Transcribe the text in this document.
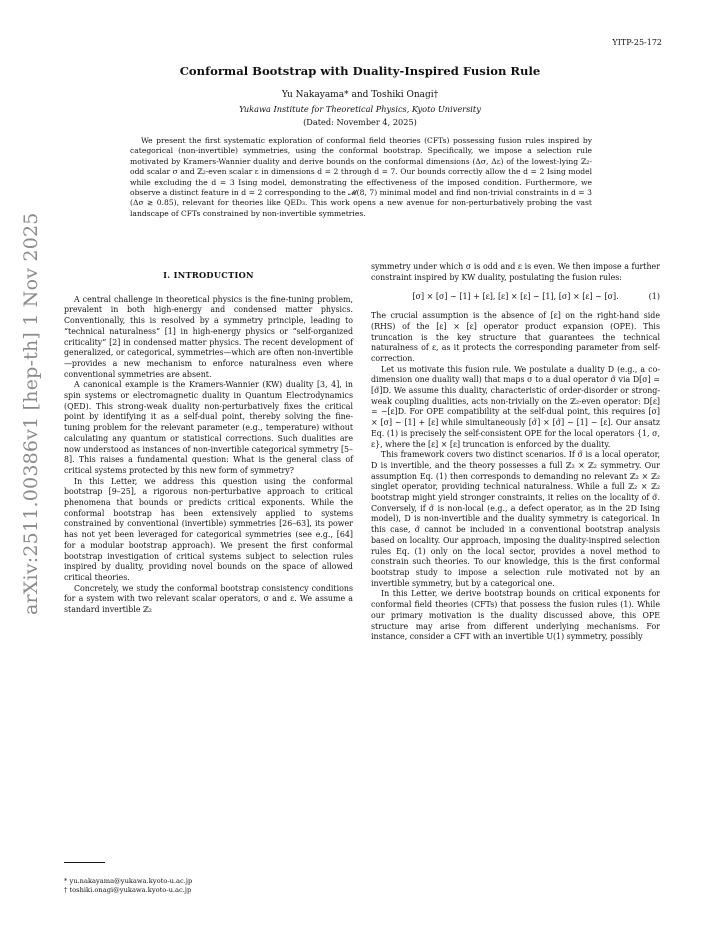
YITP-25-172
arXiv:2511.00386v1 [hep-th] 1 Nov 2025
Conformal Bootstrap with Duality-Inspired Fusion Rule
Yu Nakayama* and Toshiki Onagi†
Yukawa Institute for Theoretical Physics, Kyoto University
(Dated: November 4, 2025)

We present the first systematic exploration of conformal field theories (CFTs) possessing fusion rules inspired by categorical (non-invertible) symmetries, using the conformal bootstrap. Specifically, we impose a selection rule motivated by Kramers-Wannier duality and derive bounds on the conformal dimensions (Δσ, Δε) of the lowest-lying ℤ₂-odd scalar σ and ℤ₂-even scalar ε in dimensions d = 2 through d = 7. Our bounds correctly allow the d = 2 Ising model while excluding the d = 3 Ising model, demonstrating the effectiveness of the imposed condition. Furthermore, we observe a distinct feature in d = 2 corresponding to the 𝓜(8, 7) minimal model and find non-trivial constraints in d = 3 (Δσ ≳ 0.85), relevant for theories like QED₃. This work opens a new avenue for non-perturbatively probing the vast landscape of CFTs constrained by non-invertible symmetries.

I. INTRODUCTION

A central challenge in theoretical physics is the fine-tuning problem, prevalent in both high-energy and condensed matter physics. Conventionally, this is resolved by a symmetry principle, leading to “technical naturalness” [1] in high-energy physics or “self-organized criticality” [2] in condensed matter physics. The recent development of generalized, or categorical, symmetries—which are often non-invertible—provides a new mechanism to enforce naturalness even where conventional symmetries are absent.

A canonical example is the Kramers-Wannier (KW) duality [3, 4], in spin systems or electromagnetic duality in Quantum Electrodynamics (QED). This strong-weak duality non-perturbatively fixes the critical point by identifying it as a self-dual point, thereby solving the fine-tuning problem for the relevant parameter (e.g., temperature) without calculating any quantum or statistical corrections. Such dualities are now understood as instances of non-invertible categorical symmetry [5–8]. This raises a fundamental question: What is the general class of critical systems protected by this new form of symmetry?

In this Letter, we address this question using the conformal bootstrap [9–25], a rigorous non-perturbative approach to critical phenomena that bounds or predicts critical exponents. While the conformal bootstrap has been extensively applied to systems constrained by conventional (invertible) symmetries [26–63], its power has not yet been leveraged for categorical symmetries (see e.g., [64] for a modular bootstrap approach). We present the first conformal bootstrap investigation of critical systems subject to selection rules inspired by duality, providing novel bounds on the space of allowed critical theories.

Concretely, we study the conformal bootstrap consistency conditions for a system with two relevant scalar operators, σ and ε. We assume a standard invertible ℤ₂

symmetry under which σ is odd and ε is even. We then impose a further constraint inspired by KW duality, postulating the fusion rules:

[σ] × [σ] ∼ [1] + [ε], [ε] × [ε] ∼ [1], [σ] × [ε] ∼ [σ].	(1)

The crucial assumption is the absence of [ε] on the right-hand side (RHS) of the [ε] × [ε] operator product expansion (OPE). This truncation is the key structure that guarantees the technical naturalness of ε, as it protects the corresponding parameter from self-correction.

Let us motivate this fusion rule. We postulate a duality D (e.g., a co-dimension one duality wall) that maps σ to a dual operator σ̃ via D[σ] = [σ̃]D. We assume this duality, characteristic of order-disorder or strong-weak coupling dualities, acts non-trivially on the ℤ₂-even operator: D[ε] = −[ε]D. For OPE compatibility at the self-dual point, this requires [σ] × [σ] ∼ [1] + [ε] while simultaneously [σ̃] × [σ̃] ∼ [1] − [ε]. Our ansatz Eq. (1) is precisely the self-consistent OPE for the local operators {1, σ, ε}, where the [ε] × [ε] truncation is enforced by the duality.

This framework covers two distinct scenarios. If σ̃ is a local operator, D is invertible, and the theory possesses a full ℤ₂ × ℤ₂ symmetry. Our assumption Eq. (1) then corresponds to demanding no relevant ℤ₂ × ℤ₂ singlet operator, providing technical naturalness. While a full ℤ₂ × ℤ₂ bootstrap might yield stronger constraints, it relies on the locality of σ̃. Conversely, if σ̃ is non-local (e.g., a defect operator, as in the 2D Ising model), D is non-invertible and the duality symmetry is categorical. In this case, σ̃ cannot be included in a conventional bootstrap analysis based on locality. Our approach, imposing the duality-inspired selection rules Eq. (1) only on the local sector, provides a novel method to constrain such theories. To our knowledge, this is the first conformal bootstrap study to impose a selection rule motivated not by an invertible symmetry, but by a categorical one.

In this Letter, we derive bootstrap bounds on critical exponents for conformal field theories (CFTs) that possess the fusion rules (1). While our primary motivation is the duality discussed above, this OPE structure may arise from different underlying mechanisms. For instance, consider a CFT with an invertible U(1) symmetry, possibly

* yu.nakayama@yukawa.kyoto-u.ac.jp
† toshiki.onagi@yukawa.kyoto-u.ac.jp
